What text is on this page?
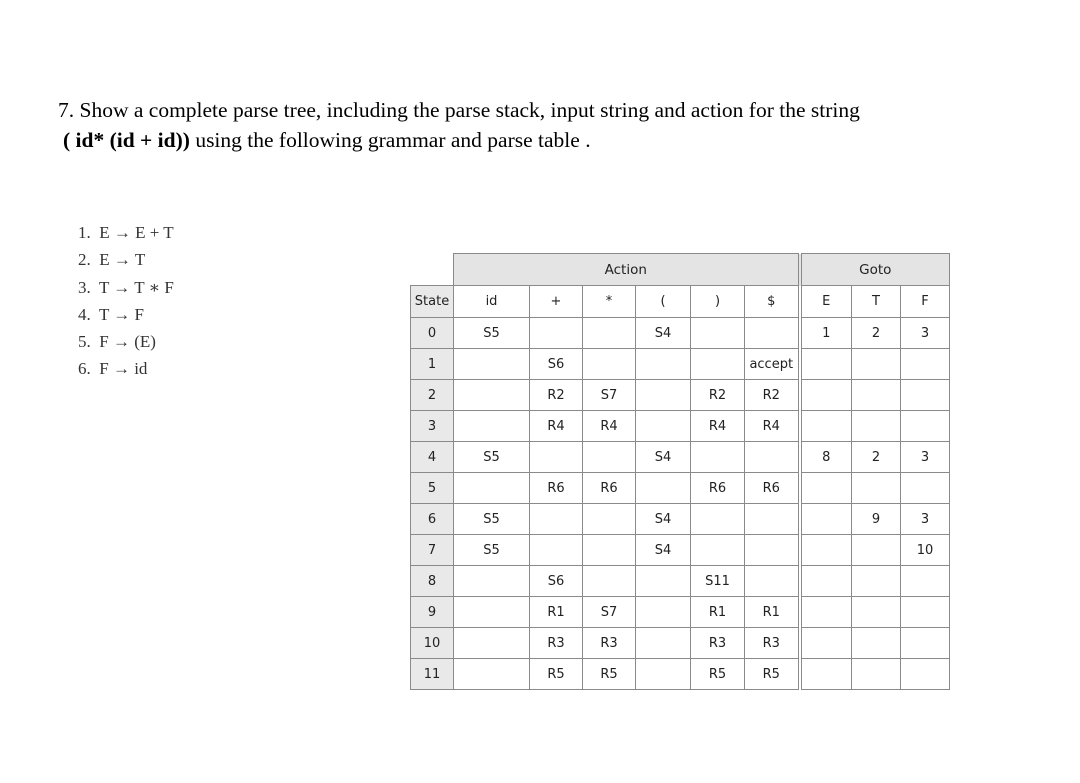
7. Show a complete parse tree, including the parse stack, input string and action for the string
( id* (id + id)) using the following grammar and parse table .
1.  E → E + T
2.  E → T
3.  T → T ∗ F
4.  T → F
5.  F → (E)
6.  F → id
	Action						Goto		
State	id	+	*	(	)	$	E	T	F
0	S5			S4			1	2	3
1		S6				accept			
2		R2	S7		R2	R2			
3		R4	R4		R4	R4			
4	S5			S4			8	2	3
5		R6	R6		R6	R6			
6	S5			S4				9	3
7	S5			S4					10
8		S6			S11				
9		R1	S7		R1	R1			
10		R3	R3		R3	R3			
11		R5	R5		R5	R5			
